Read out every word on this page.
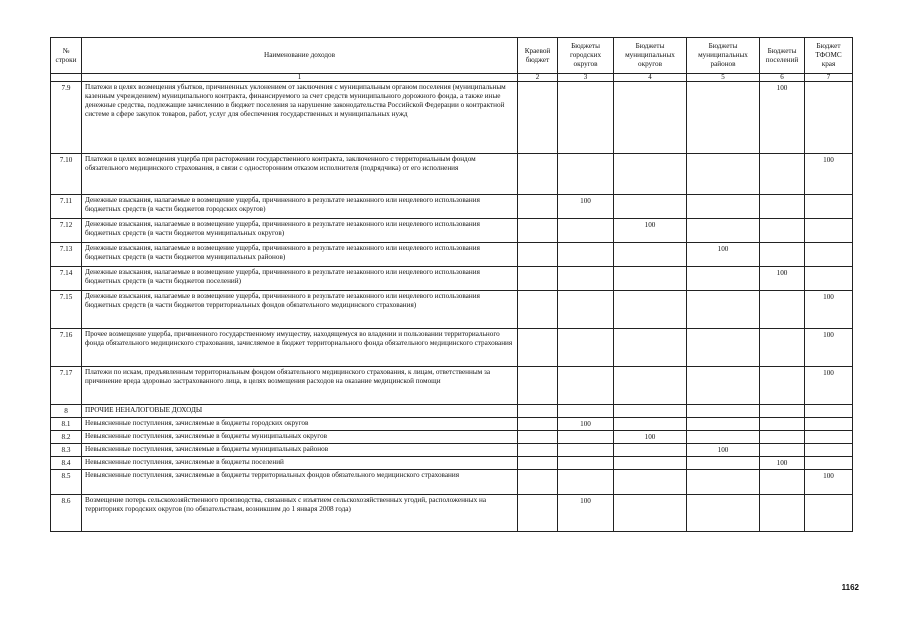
№ строки	Наименование доходов	Краевой бюджет	Бюджеты городских округов	Бюджеты муниципальных округов	Бюджеты муниципальных районов	Бюджеты поселений	Бюджет ТФОМС края
	1	2	3	4	5	6	7
7.9	Платежи в целях возмещения убытков, причиненных уклонением от заключения с муниципальным органом поселения (муниципальным казенным учреждением) муниципального контракта, финансируемого за счет средств муниципального дорожного фонда, а также иные денежные средства, подлежащие зачислению в бюджет поселения за нарушение законодательства Российской Федерации о контрактной системе в сфере закупок товаров, работ, услуг для обеспечения государственных и муниципальных нужд					100	
7.10	Платежи в целях возмещения ущерба при расторжении государственного контракта, заключенного с территориальным фондом обязательного медицинского страхования, в связи с односторонним отказом исполнителя (подрядчика) от его исполнения						100
7.11	Денежные взыскания, налагаемые в возмещение ущерба, причиненного в результате незаконного или нецелевого использования бюджетных средств (в части бюджетов городских округов)		100				
7.12	Денежные взыскания, налагаемые в возмещение ущерба, причиненного в результате незаконного или нецелевого использования бюджетных средств (в части бюджетов муниципальных округов)			100			
7.13	Денежные взыскания, налагаемые в возмещение ущерба, причиненного в результате незаконного или нецелевого использования бюджетных средств (в части бюджетов муниципальных районов)				100		
7.14	Денежные взыскания, налагаемые в возмещение ущерба, причиненного в результате незаконного или нецелевого использования бюджетных средств (в части бюджетов поселений)					100	
7.15	Денежные взыскания, налагаемые в возмещение ущерба, причиненного в результате незаконного или нецелевого использования бюджетных средств (в части бюджетов территориальных фондов обязательного медицинского страхования)						100
7.16	Прочее возмещение ущерба, причиненного государственному имуществу, находящемуся во владении и пользовании территориального фонда обязательного медицинского страхования, зачисляемое в бюджет территориального фонда обязательного медицинского страхования						100
7.17	Платежи по искам, предъявленным территориальным фондом обязательного медицинского страхования, к лицам, ответственным за причинение вреда здоровью застрахованного лица, в целях возмещения расходов на оказание медицинской помощи						100
8	ПРОЧИЕ НЕНАЛОГОВЫЕ ДОХОДЫ						
8.1	Невыясненные поступления, зачисляемые в бюджеты городских округов		100				
8.2	Невыясненные поступления, зачисляемые в бюджеты муниципальных округов			100			
8.3	Невыясненные поступления, зачисляемые в бюджеты муниципальных районов				100		
8.4	Невыясненные поступления, зачисляемые в бюджеты поселений					100	
8.5	Невыясненные поступления, зачисляемые в бюджеты территориальных фондов обязательного медицинского страхования						100
8.6	Возмещение потерь сельскохозяйственного производства, связанных с изъятием сельскохозяйственных угодий, расположенных на территориях городских округов (по обязательствам, возникшим до 1 января 2008 года)		100				
1162
